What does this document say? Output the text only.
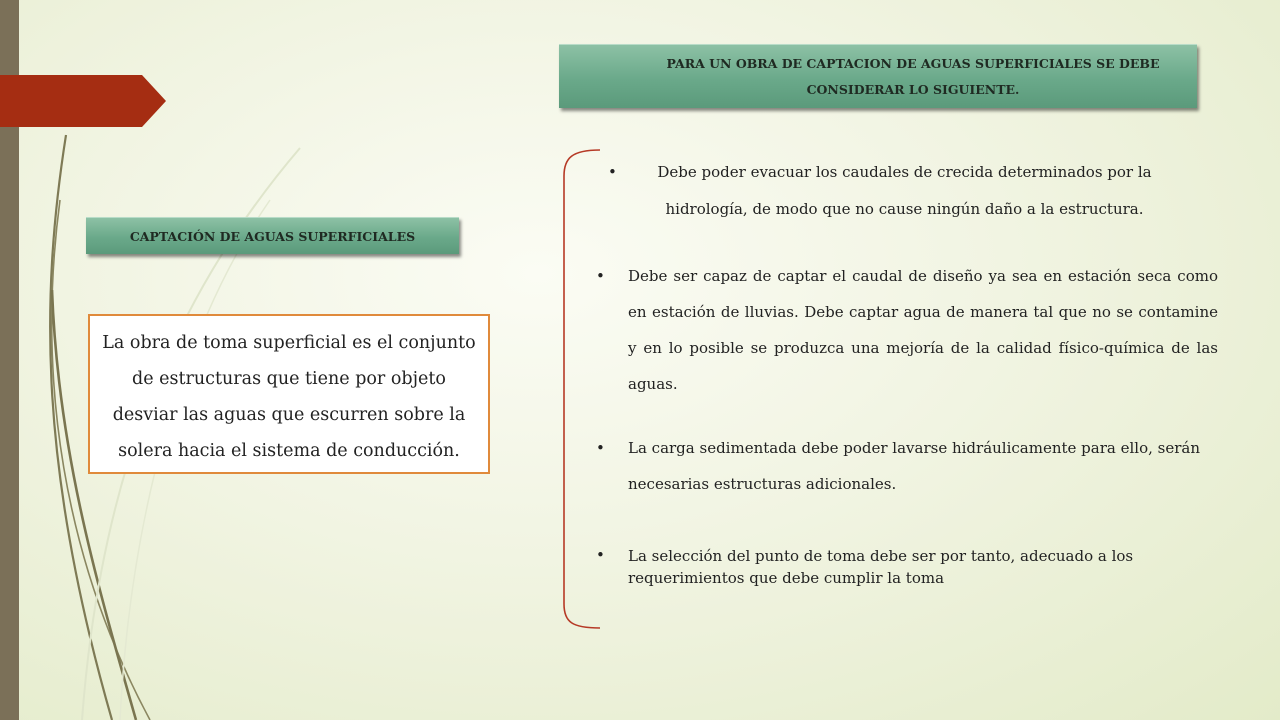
PARA UN OBRA DE CAPTACION DE AGUAS SUPERFICIALES SE DEBE CONSIDERAR LO SIGUIENTE.
CAPTACIÓN DE AGUAS SUPERFICIALES
La obra de toma superficial es el conjunto de estructuras que tiene por objeto desviar las aguas que escurren sobre la solera hacia el sistema de conducción.
•	Debe poder evacuar los caudales de crecida determinados por la hidrología, de modo que no cause ningún daño a la estructura.
•	Debe ser capaz de captar el caudal de diseño ya sea en estación seca como en estación de lluvias. Debe captar agua de manera tal que no se contamine y en lo posible se produzca una mejoría de la calidad físico-química de las aguas.
•	La carga sedimentada debe poder lavarse hidráulicamente para ello, serán necesarias estructuras adicionales.
•	La selección del punto de toma debe ser por tanto, adecuado a los requerimientos que debe cumplir la toma
